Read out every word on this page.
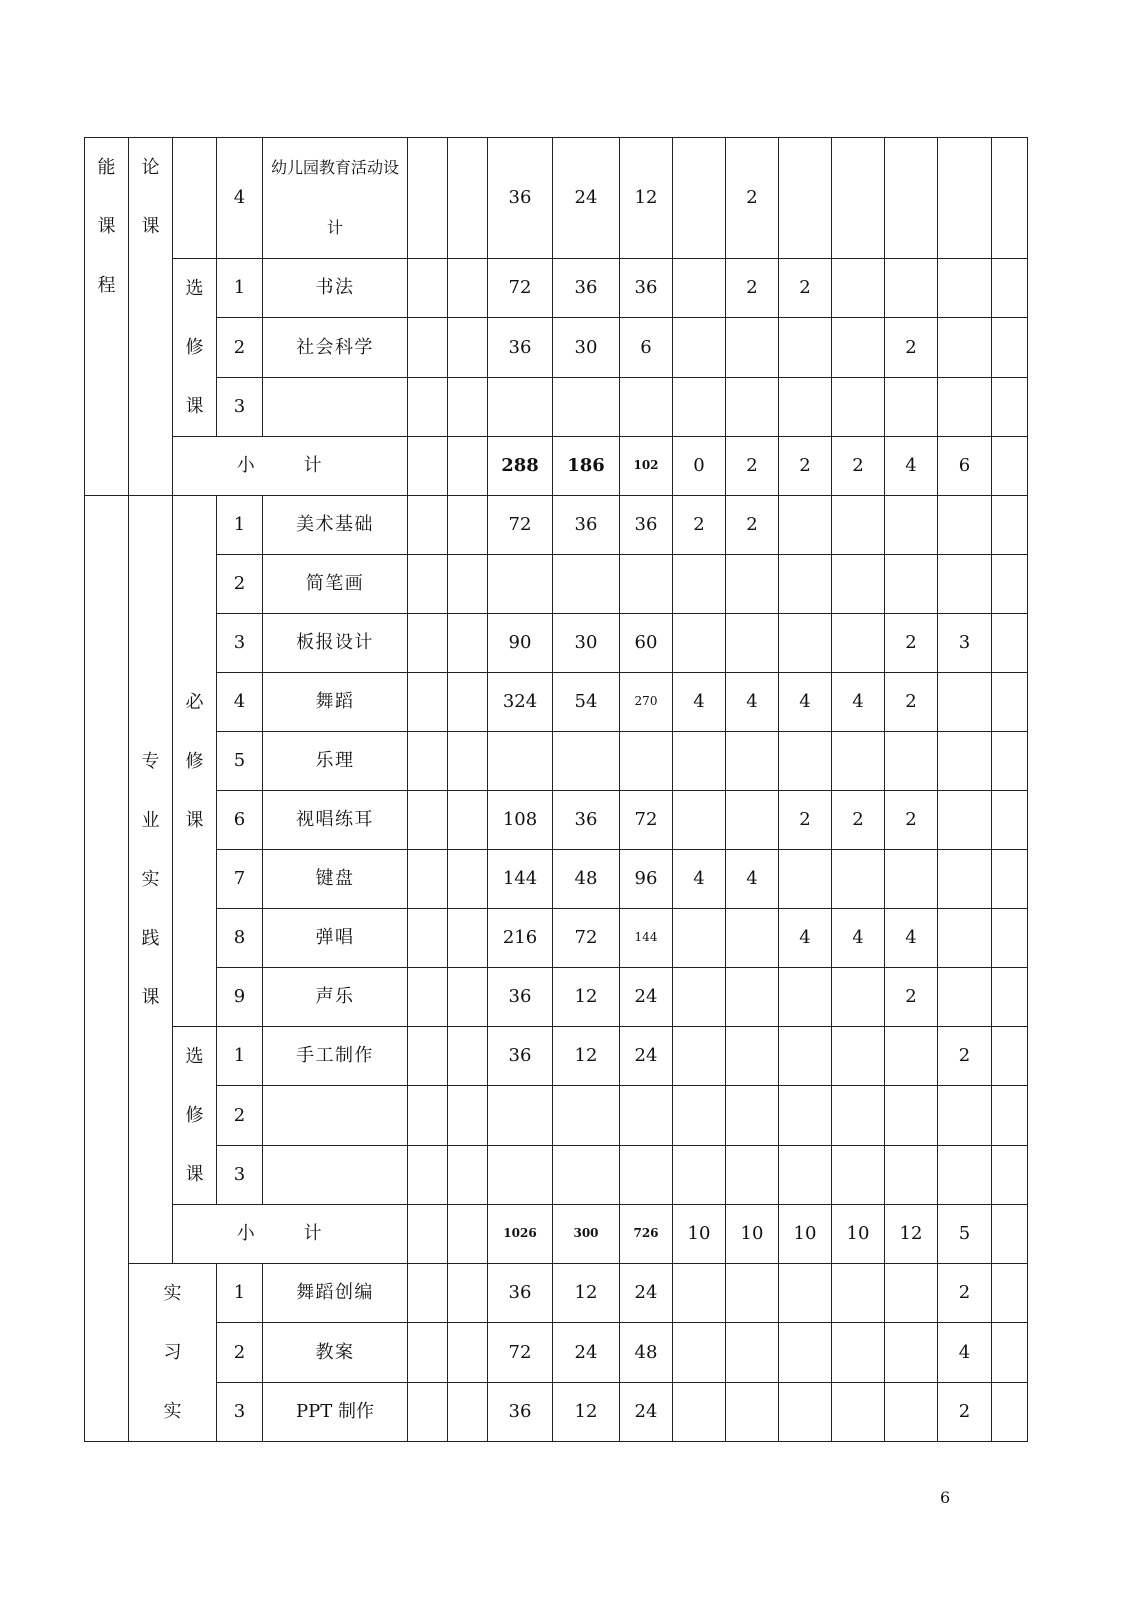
能课程	论课		4	幼儿园教育活动设计			36	24	12		2					
		选修课	1	书法			72	36	36		2	2				
			2	社会科学			36	30	6					2		
			3													
		小 计					288	186	102	0	2	2	2	4	6	
	专业实践课	必修课	1	美术基础			72	36	36	2	2					
			2	简笔画												
			3	板报设计			90	30	60					2	3	
			4	舞蹈			324	54	270	4	4	4	4	2		
			5	乐理												
			6	视唱练耳			108	36	72			2	2	2		
			7	键盘			144	48	96	4	4					
			8	弹唱			216	72	144			4	4	4		
			9	声乐			36	12	24					2		
		选修课	1	手工制作			36	12	24						2	
			2													
			3													
		小 计					1026	300	726	10	10	10	10	12	5	
	实习实		1	舞蹈创编			36	12	24						2	
			2	教案			72	24	48						4	
			3	PPT 制作			36	12	24						2	
6
